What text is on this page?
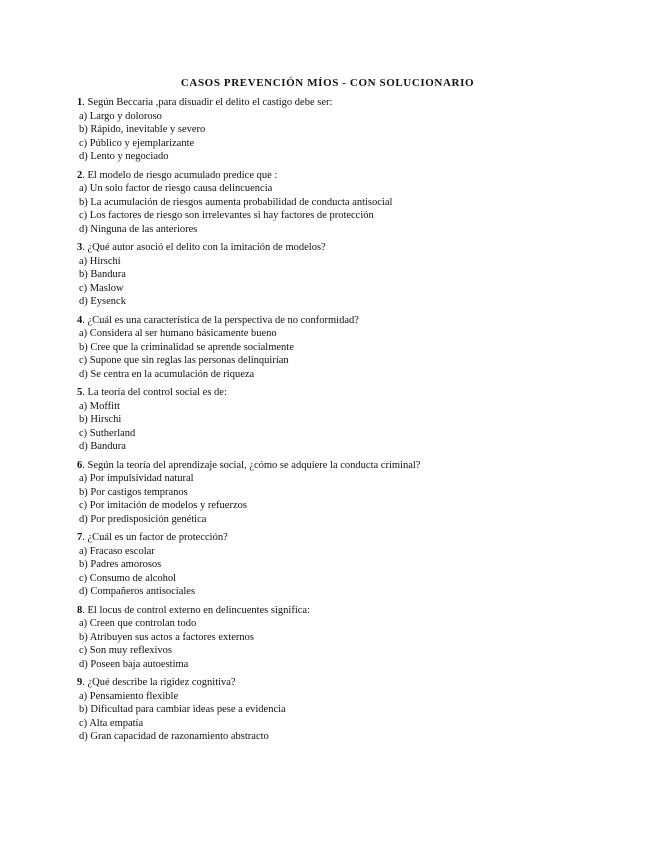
CASOS PREVENCIÓN MÍOS - CON SOLUCIONARIO
1. Según Beccaria ,para disuadir el delito el castigo debe ser:
a) Largo y doloroso
b) Rápido, inevitable y severo
c) Público y ejemplarizante
d) Lento y negociado
2. El modelo de riesgo acumulado predice que :
a) Un solo factor de riesgo causa delincuencia
b) La acumulación de riesgos aumenta probabilidad de conducta antisocial
c) Los factores de riesgo son irrelevantes si hay factores de protección
d) Ninguna de las anteriores
3. ¿Qué autor asoció el delito con la imitación de modelos?
a) Hirschi
b) Bandura
c) Maslow
d) Eysenck
4. ¿Cuál es una característica de la perspectiva de no conformidad?
a) Considera al ser humano básicamente bueno
b) Cree que la criminalidad se aprende socialmente
c) Supone que sin reglas las personas delinquirían
d) Se centra en la acumulación de riqueza
5. La teoría del control social es de:
a) Moffitt
b) Hirschi
c) Sutherland
d) Bandura
6. Según la teoría del aprendizaje social, ¿cómo se adquiere la conducta criminal?
a) Por impulsividad natural
b) Por castigos tempranos
c) Por imitación de modelos y refuerzos
d) Por predisposición genética
7. ¿Cuál es un factor de protección?
a) Fracaso escolar
b) Padres amorosos
c) Consumo de alcohol
d) Compañeros antisociales
8. El locus de control externo en delincuentes significa:
a) Creen que controlan todo
b) Atribuyen sus actos a factores externos
c) Son muy reflexivos
d) Poseen baja autoestima
9. ¿Qué describe la rigidez cognitiva?
a) Pensamiento flexible
b) Dificultad para cambiar ideas pese a evidencia
c) Alta empatía
d) Gran capacidad de razonamiento abstracto
